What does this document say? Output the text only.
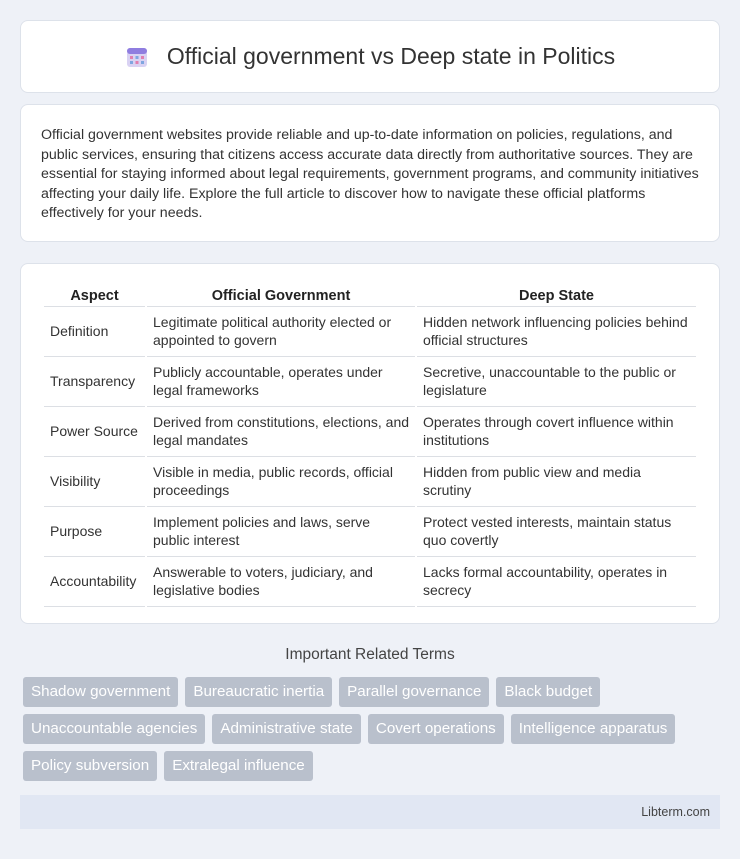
Official government vs Deep state in Politics

Official government websites provide reliable and up-to-date information on policies, regulations, and public services, ensuring that citizens access accurate data directly from authoritative sources. They are essential for staying informed about legal requirements, government programs, and community initiatives affecting your daily life. Explore the full article to discover how to navigate these official platforms effectively for your needs.

Aspect	Official Government	Deep State
Definition	Legitimate political authority elected or appointed to govern	Hidden network influencing policies behind official structures
Transparency	Publicly accountable, operates under legal frameworks	Secretive, unaccountable to the public or legislature
Power Source	Derived from constitutions, elections, and legal mandates	Operates through covert influence within institutions
Visibility	Visible in media, public records, official proceedings	Hidden from public view and media scrutiny
Purpose	Implement policies and laws, serve public interest	Protect vested interests, maintain status quo covertly
Accountability	Answerable to voters, judiciary, and legislative bodies	Lacks formal accountability, operates in secrecy
Important Related Terms
Shadow government	Bureaucratic inertia	Parallel governance	Black budget
Unaccountable agencies	Administrative state	Covert operations	Intelligence apparatus
Policy subversion	Extralegal influence
Libterm.com
